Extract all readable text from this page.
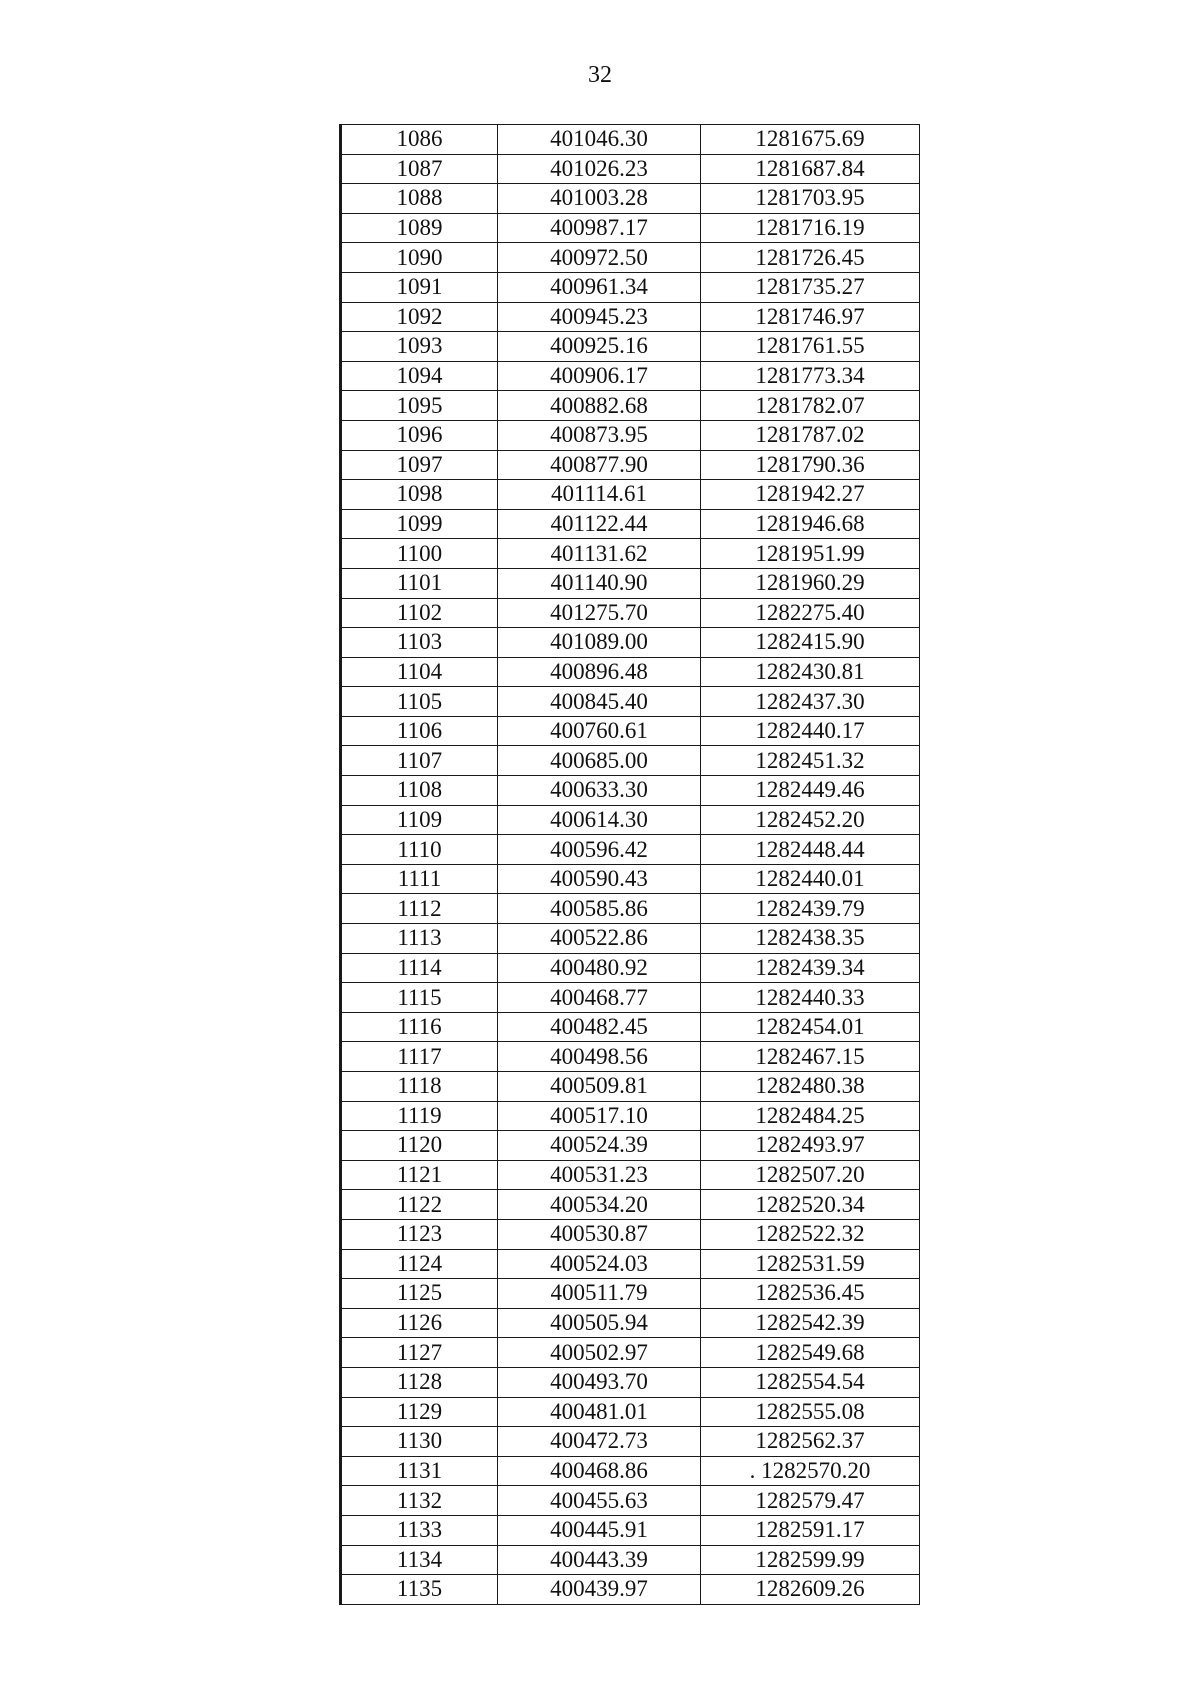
32
1086	401046.30	1281675.69
1087	401026.23	1281687.84
1088	401003.28	1281703.95
1089	400987.17	1281716.19
1090	400972.50	1281726.45
1091	400961.34	1281735.27
1092	400945.23	1281746.97
1093	400925.16	1281761.55
1094	400906.17	1281773.34
1095	400882.68	1281782.07
1096	400873.95	1281787.02
1097	400877.90	1281790.36
1098	401114.61	1281942.27
1099	401122.44	1281946.68
1100	401131.62	1281951.99
1101	401140.90	1281960.29
1102	401275.70	1282275.40
1103	401089.00	1282415.90
1104	400896.48	1282430.81
1105	400845.40	1282437.30
1106	400760.61	1282440.17
1107	400685.00	1282451.32
1108	400633.30	1282449.46
1109	400614.30	1282452.20
1110	400596.42	1282448.44
1111	400590.43	1282440.01
1112	400585.86	1282439.79
1113	400522.86	1282438.35
1114	400480.92	1282439.34
1115	400468.77	1282440.33
1116	400482.45	1282454.01
1117	400498.56	1282467.15
1118	400509.81	1282480.38
1119	400517.10	1282484.25
1120	400524.39	1282493.97
1121	400531.23	1282507.20
1122	400534.20	1282520.34
1123	400530.87	1282522.32
1124	400524.03	1282531.59
1125	400511.79	1282536.45
1126	400505.94	1282542.39
1127	400502.97	1282549.68
1128	400493.70	1282554.54
1129	400481.01	1282555.08
1130	400472.73	1282562.37
1131	400468.86	. 1282570.20
1132	400455.63	1282579.47
1133	400445.91	1282591.17
1134	400443.39	1282599.99
1135	400439.97	1282609.26
